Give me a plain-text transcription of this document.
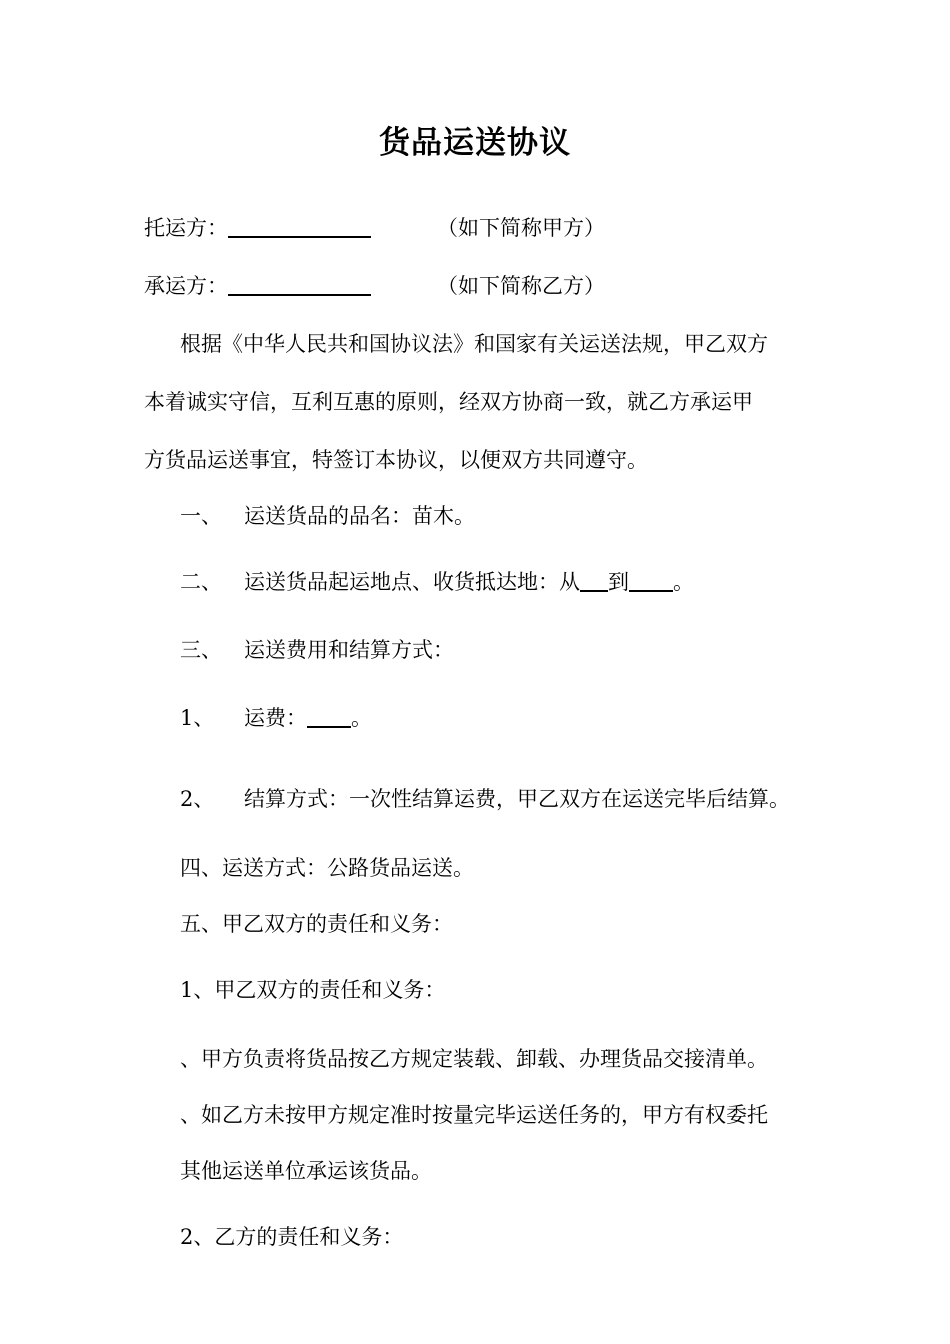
货品运送协议
托运方：	（如下简称甲方）
承运方：	（如下简称乙方）
根据《中华人民共和国协议法》和国家有关运送法规，甲乙双方
本着诚实守信，互利互惠的原则，经双方协商一致，就乙方承运甲
方货品运送事宜，特签订本协议，以便双方共同遵守。
一、 运送货品的品名：苗木。
二、 运送货品起运地点、收货抵达地：从 到 。
三、 运送费用和结算方式：
1、 运费： 。
2、 结算方式：一次性结算运费，甲乙双方在运送完毕后结算。
四、运送方式：公路货品运送。
五、甲乙双方的责任和义务：
1、甲乙双方的责任和义务：
、甲方负责将货品按乙方规定装载、卸载、办理货品交接清单。
、如乙方未按甲方规定准时按量完毕运送任务的，甲方有权委托
其他运送单位承运该货品。
2、乙方的责任和义务：
